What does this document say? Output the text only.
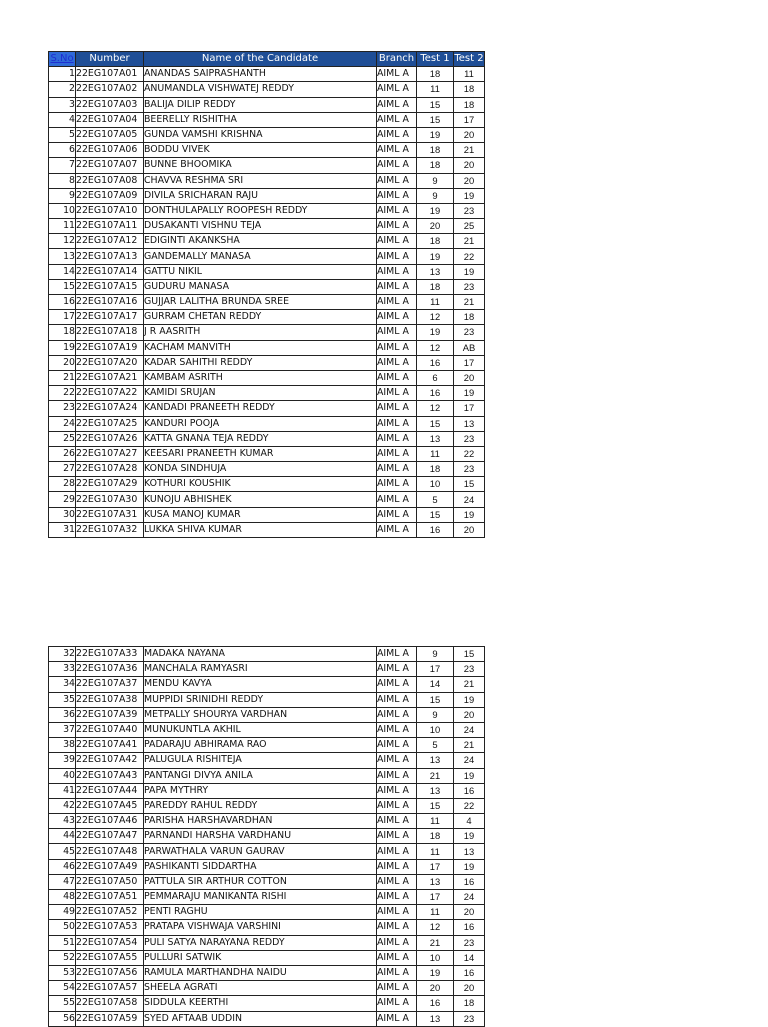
S.No	Number	Name of the Candidate	Branch	Test 1	Test 2
1	22EG107A01	ANANDAS SAIPRASHANTH	AIML A	18	11
2	22EG107A02	ANUMANDLA VISHWATEJ REDDY	AIML A	11	18
3	22EG107A03	BALIJA DILIP REDDY	AIML A	15	18
4	22EG107A04	BEERELLY RISHITHA	AIML A	15	17
5	22EG107A05	GUNDA VAMSHI KRISHNA	AIML A	19	20
6	22EG107A06	BODDU VIVEK	AIML A	18	21
7	22EG107A07	BUNNE BHOOMIKA	AIML A	18	20
8	22EG107A08	CHAVVA RESHMA SRI	AIML A	9	20
9	22EG107A09	DIVILA SRICHARAN RAJU	AIML A	9	19
10	22EG107A10	DONTHULAPALLY ROOPESH REDDY	AIML A	19	23
11	22EG107A11	DUSAKANTI VISHNU TEJA	AIML A	20	25
12	22EG107A12	EDIGINTI AKANKSHA	AIML A	18	21
13	22EG107A13	GANDEMALLY MANASA	AIML A	19	22
14	22EG107A14	GATTU NIKIL	AIML A	13	19
15	22EG107A15	GUDURU MANASA	AIML A	18	23
16	22EG107A16	GUJJAR LALITHA BRUNDA SREE	AIML A	11	21
17	22EG107A17	GURRAM CHETAN REDDY	AIML A	12	18
18	22EG107A18	J R AASRITH	AIML A	19	23
19	22EG107A19	KACHAM MANVITH	AIML A	12	AB
20	22EG107A20	KADAR SAHITHI REDDY	AIML A	16	17
21	22EG107A21	KAMBAM ASRITH	AIML A	6	20
22	22EG107A22	KAMIDI SRUJAN	AIML A	16	19
23	22EG107A24	KANDADI PRANEETH REDDY	AIML A	12	17
24	22EG107A25	KANDURI POOJA	AIML A	15	13
25	22EG107A26	KATTA GNANA TEJA REDDY	AIML A	13	23
26	22EG107A27	KEESARI PRANEETH KUMAR	AIML A	11	22
27	22EG107A28	KONDA SINDHUJA	AIML A	18	23
28	22EG107A29	KOTHURI KOUSHIK	AIML A	10	15
29	22EG107A30	KUNOJU ABHISHEK	AIML A	5	24
30	22EG107A31	KUSA MANOJ KUMAR	AIML A	15	19
31	22EG107A32	LUKKA SHIVA KUMAR	AIML A	16	20
32	22EG107A33	MADAKA NAYANA	AIML A	9	15
33	22EG107A36	MANCHALA RAMYASRI	AIML A	17	23
34	22EG107A37	MENDU KAVYA	AIML A	14	21
35	22EG107A38	MUPPIDI SRINIDHI REDDY	AIML A	15	19
36	22EG107A39	METPALLY SHOURYA VARDHAN	AIML A	9	20
37	22EG107A40	MUNUKUNTLA AKHIL	AIML A	10	24
38	22EG107A41	PADARAJU ABHIRAMA RAO	AIML A	5	21
39	22EG107A42	PALUGULA RISHITEJA	AIML A	13	24
40	22EG107A43	PANTANGI DIVYA ANILA	AIML A	21	19
41	22EG107A44	PAPA MYTHRY	AIML A	13	16
42	22EG107A45	PAREDDY RAHUL REDDY	AIML A	15	22
43	22EG107A46	PARISHA HARSHAVARDHAN	AIML A	11	4
44	22EG107A47	PARNANDI HARSHA VARDHANU	AIML A	18	19
45	22EG107A48	PARWATHALA VARUN GAURAV	AIML A	11	13
46	22EG107A49	PASHIKANTI SIDDARTHA	AIML A	17	19
47	22EG107A50	PATTULA SIR ARTHUR COTTON	AIML A	13	16
48	22EG107A51	PEMMARAJU MANIKANTA RISHI	AIML A	17	24
49	22EG107A52	PENTI RAGHU	AIML A	11	20
50	22EG107A53	PRATAPA VISHWAJA VARSHINI	AIML A	12	16
51	22EG107A54	PULI SATYA NARAYANA REDDY	AIML A	21	23
52	22EG107A55	PULLURI SATWIK	AIML A	10	14
53	22EG107A56	RAMULA MARTHANDHA NAIDU	AIML A	19	16
54	22EG107A57	SHEELA AGRATI	AIML A	20	20
55	22EG107A58	SIDDULA KEERTHI	AIML A	16	18
56	22EG107A59	SYED AFTAAB UDDIN	AIML A	13	23
